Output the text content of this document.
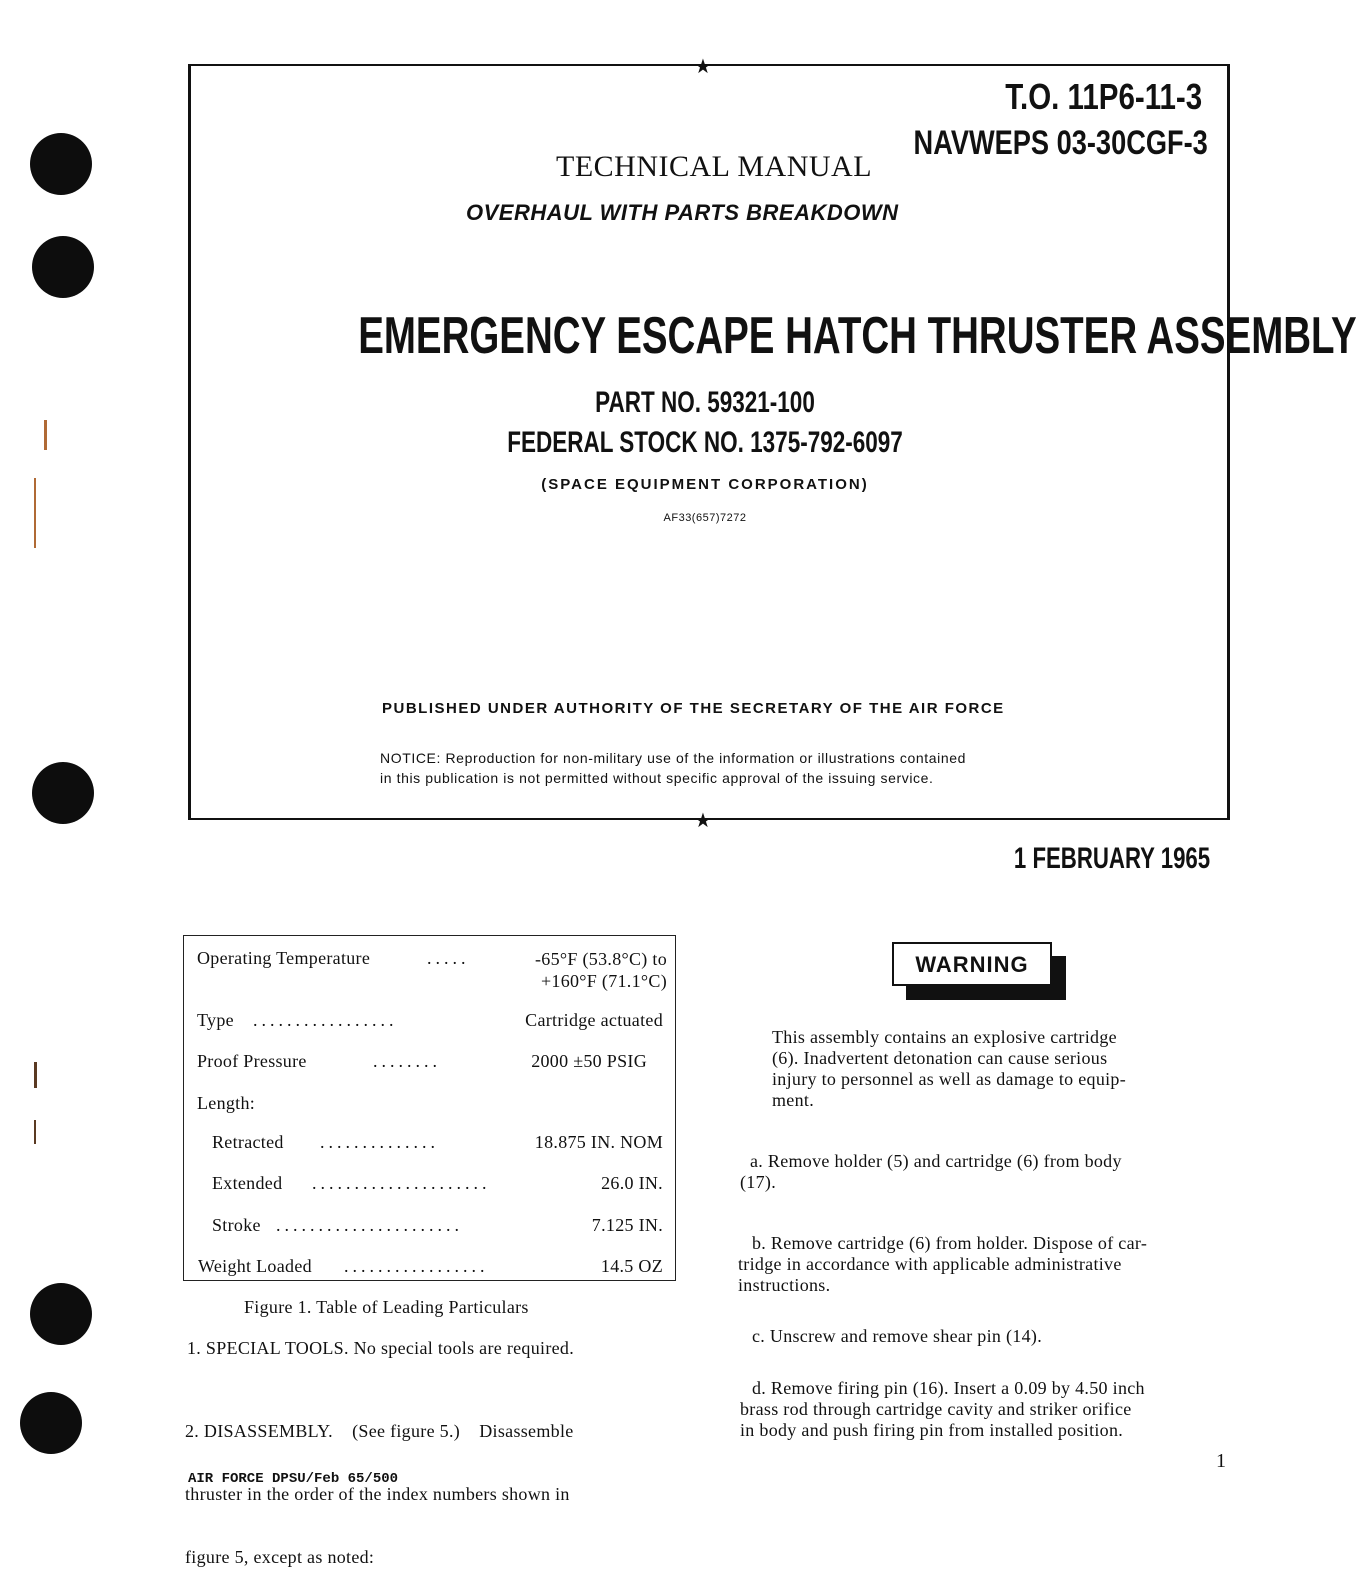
★
★
T.O. 11P6-11-3
NAVWEPS 03-30CGF-3
TECHNICAL MANUAL
OVERHAUL WITH PARTS BREAKDOWN
EMERGENCY ESCAPE HATCH THRUSTER ASSEMBLY
PART NO. 59321-100
FEDERAL STOCK NO. 1375-792-6097
(SPACE EQUIPMENT CORPORATION)
AF33(657)7272
PUBLISHED UNDER AUTHORITY OF THE SECRETARY OF THE AIR FORCE
NOTICE: Reproduction for non-military use of the information or illustrations contained
in this publication is not permitted without specific approval of the issuing service.
1 FEBRUARY 1965
Operating Temperature	.....	-65°F (53.8°C) to
+160°F (71.1°C)
Type .................	Cartridge actuated
Proof Pressure	........	2000 ±50 PSIG
Length:
Retracted ..............	18.875 IN. NOM
Extended .....................	26.0 IN.
Stroke ......................	7.125 IN.
Weight Loaded .................	14.5 OZ
Figure 1. Table of Leading Particulars
1. SPECIAL TOOLS. No special tools are required.

2. DISASSEMBLY.    (See figure 5.)    Disassemble

thruster in the order of the index numbers shown in

figure 5, except as noted:

WARNING
This assembly contains an explosive cartridge
(6). Inadvertent detonation can cause serious
injury to personnel as well as damage to equip-
ment.
a. Remove holder (5) and cartridge (6) from body
(17).
b. Remove cartridge (6) from holder. Dispose of car-
tridge in accordance with applicable administrative
instructions.
c. Unscrew and remove shear pin (14).
d. Remove firing pin (16). Insert a 0.09 by 4.50 inch
brass rod through cartridge cavity and striker orifice
in body and push firing pin from installed position.
AIR FORCE DPSU/Feb 65/500
1
